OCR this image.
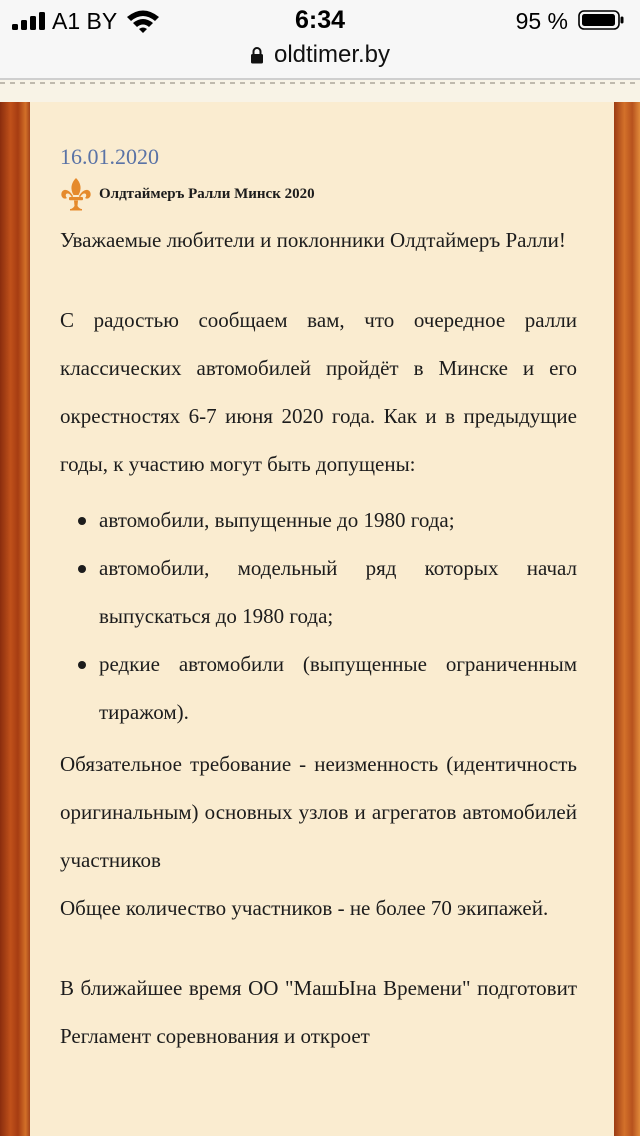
A1 BY	6:34	95 %
oldtimer.by
16.01.2020
Олдтаймеръ Ралли Минск 2020

Уважаемые любители и поклонники Олдтаймеръ Ралли!

С радостью сообщаем вам, что очередное ралли классических автомобилей пройдёт в Минске и его окрестностях 6-7 июня 2020 года. Как и в предыдущие годы, к участию могут быть допущены:

автомобили, выпущенные до 1980 года;
автомобили, модельный ряд которых начал выпускаться до 1980 года;
редкие автомобили (выпущенные ограниченным тиражом).

Обязательное требование - неизменность (идентичность оригинальным) основных узлов и агрегатов автомобилей участников

Общее количество участников - не более 70 экипажей.

В ближайшее время ОО "МашЫна Времени" подготовит Регламент соревнования и откроет
